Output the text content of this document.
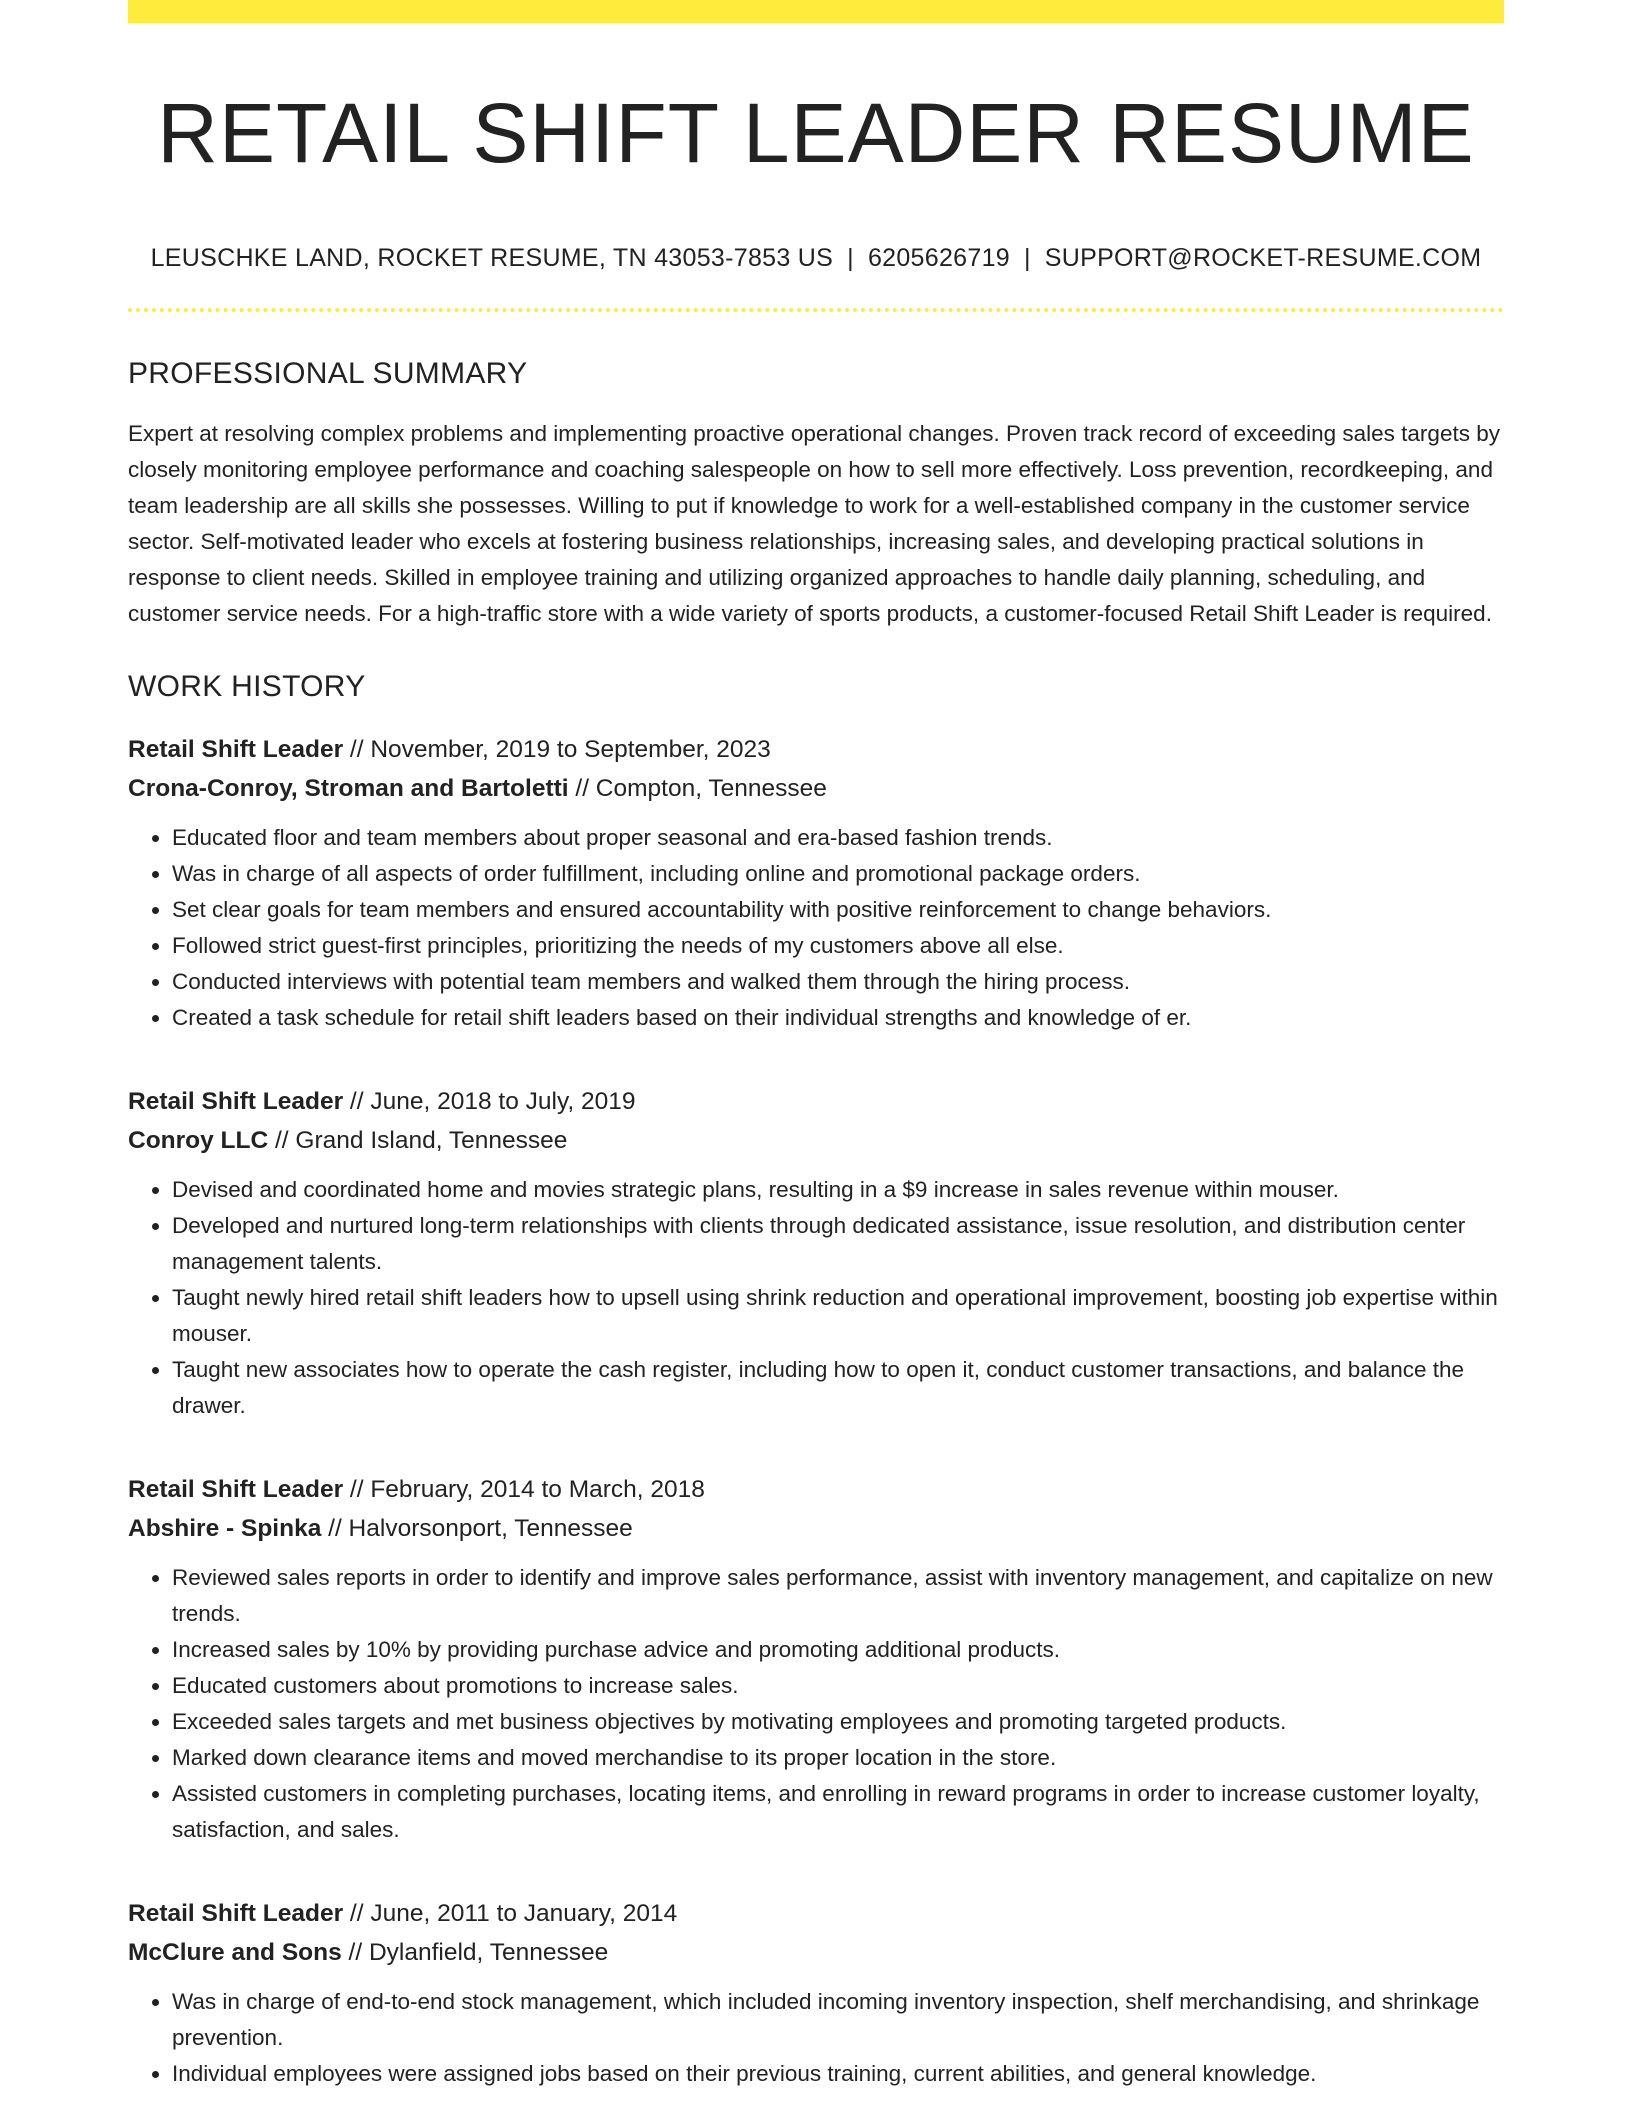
RETAIL SHIFT LEADER RESUME
LEUSCHKE LAND, ROCKET RESUME, TN 43053-7853 US | 6205626719 | SUPPORT@ROCKET-RESUME.COM
PROFESSIONAL SUMMARY

Expert at resolving complex problems and implementing proactive operational changes. Proven track record of exceeding sales targets by closely monitoring employee performance and coaching salespeople on how to sell more effectively. Loss prevention, recordkeeping, and team leadership are all skills she possesses. Willing to put if knowledge to work for a well-established company in the customer service sector. Self-motivated leader who excels at fostering business relationships, increasing sales, and developing practical solutions in response to client needs. Skilled in employee training and utilizing organized approaches to handle daily planning, scheduling, and customer service needs. For a high-traffic store with a wide variety of sports products, a customer-focused Retail Shift Leader is required.

WORK HISTORY
Retail Shift Leader // November, 2019 to September, 2023
Crona-Conroy, Stroman and Bartoletti // Compton, Tennessee
• Educated floor and team members about proper seasonal and era-based fashion trends.
• Was in charge of all aspects of order fulfillment, including online and promotional package orders.
• Set clear goals for team members and ensured accountability with positive reinforcement to change behaviors.
• Followed strict guest-first principles, prioritizing the needs of my customers above all else.
• Conducted interviews with potential team members and walked them through the hiring process.
• Created a task schedule for retail shift leaders based on their individual strengths and knowledge of er.
Retail Shift Leader // June, 2018 to July, 2019
Conroy LLC // Grand Island, Tennessee
• Devised and coordinated home and movies strategic plans, resulting in a $9 increase in sales revenue within mouser.
• Developed and nurtured long-term relationships with clients through dedicated assistance, issue resolution, and distribution center management talents.
• Taught newly hired retail shift leaders how to upsell using shrink reduction and operational improvement, boosting job expertise within mouser.
• Taught new associates how to operate the cash register, including how to open it, conduct customer transactions, and balance the drawer.
Retail Shift Leader // February, 2014 to March, 2018
Abshire - Spinka // Halvorsonport, Tennessee
• Reviewed sales reports in order to identify and improve sales performance, assist with inventory management, and capitalize on new trends.
• Increased sales by 10% by providing purchase advice and promoting additional products.
• Educated customers about promotions to increase sales.
• Exceeded sales targets and met business objectives by motivating employees and promoting targeted products.
• Marked down clearance items and moved merchandise to its proper location in the store.
• Assisted customers in completing purchases, locating items, and enrolling in reward programs in order to increase customer loyalty, satisfaction, and sales.
Retail Shift Leader // June, 2011 to January, 2014
McClure and Sons // Dylanfield, Tennessee
• Was in charge of end-to-end stock management, which included incoming inventory inspection, shelf merchandising, and shrinkage prevention.
• Individual employees were assigned jobs based on their previous training, current abilities, and general knowledge.
